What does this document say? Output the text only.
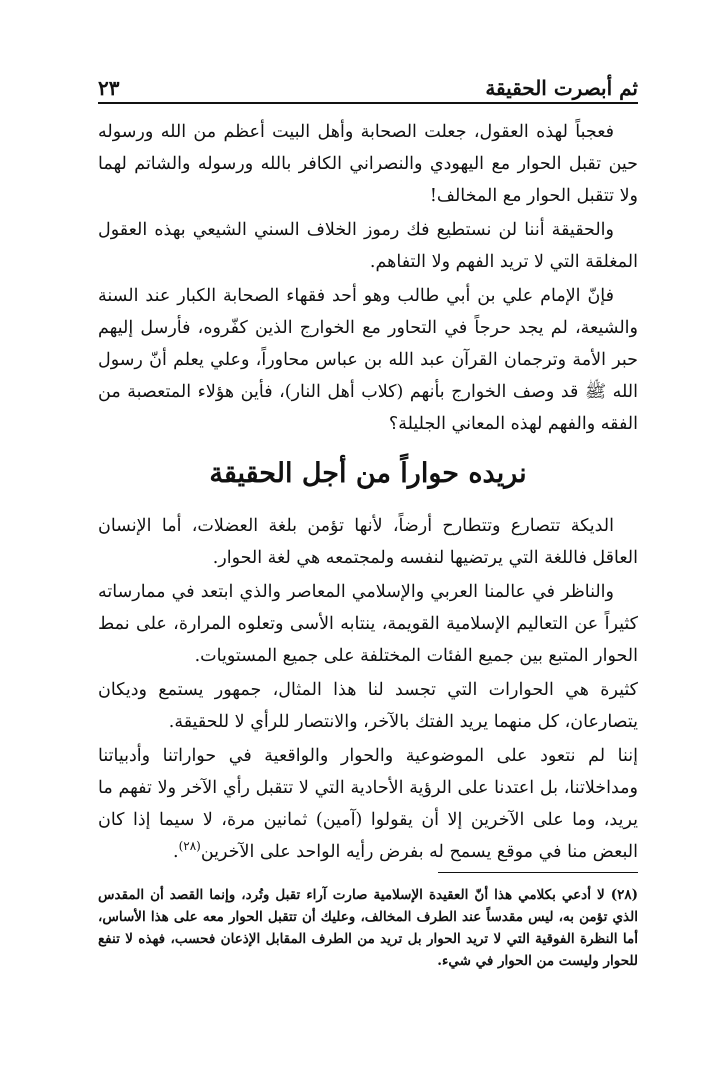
ثم أبصرت الحقيقة
٢٣

فعجباً لهذه العقول، جعلت الصحابة وأهل البيت أعظم من الله ورسوله حين تقبل الحوار مع اليهودي والنصراني الكافر بالله ورسوله والشاتم لهما ولا تتقبل الحوار مع المخالف!

والحقيقة أننا لن نستطيع فك رموز الخلاف السني الشيعي بهذه العقول المغلقة التي لا تريد الفهم ولا التفاهم.

فإنّ الإمام علي بن أبي طالب وهو أحد فقهاء الصحابة الكبار عند السنة والشيعة، لم يجد حرجاً في التحاور مع الخوارج الذين كفّروه، فأرسل إليهم حبر الأمة وترجمان القرآن عبد الله بن عباس محاوراً، وعلي يعلم أنّ رسول الله ﷺ قد وصف الخوارج بأنهم (كلاب أهل النار)، فأين هؤلاء المتعصبة من الفقه والفهم لهذه المعاني الجليلة؟

نريده حواراً من أجل الحقيقة

الديكة تتصارع وتتطارح أرضاً، لأنها تؤمن بلغة العضلات، أما الإنسان العاقل فاللغة التي يرتضيها لنفسه ولمجتمعه هي لغة الحوار.

والناظر في عالمنا العربي والإسلامي المعاصر والذي ابتعد في ممارساته كثيراً عن التعاليم الإسلامية القويمة، ينتابه الأسى وتعلوه المرارة، على نمط الحوار المتبع بين جميع الفئات المختلفة على جميع المستويات.

كثيرة هي الحوارات التي تجسد لنا هذا المثال، جمهور يستمع وديكان يتصارعان، كل منهما يريد الفتك بالآخر، والانتصار للرأي لا للحقيقة.

إننا لم نتعود على الموضوعية والحوار والواقعية في حواراتنا وأدبياتنا ومداخلاتنا، بل اعتدنا على الرؤية الأحادية التي لا تتقبل رأي الآخر ولا تفهم ما يريد، وما على الآخرين إلا أن يقولوا (آمين) ثمانين مرة، لا سيما إذا كان البعض منا في موقع يسمح له بفرض رأيه الواحد على الآخرين$^{(٢٨)}$.

(٢٨) لا أدعي بكلامي هذا أنّ العقيدة الإسلامية صارت آراء تقبل وتُرد، وإنما القصد أن المقدس الذي تؤمن به، ليس مقدساً عند الطرف المخالف، وعليك أن تتقبل الحوار معه على هذا الأساس، أما النظرة الفوقية التي لا تريد الحوار بل تريد من الطرف المقابل الإذعان فحسب، فهذه لا تنفع للحوار وليست من الحوار في شيء.
